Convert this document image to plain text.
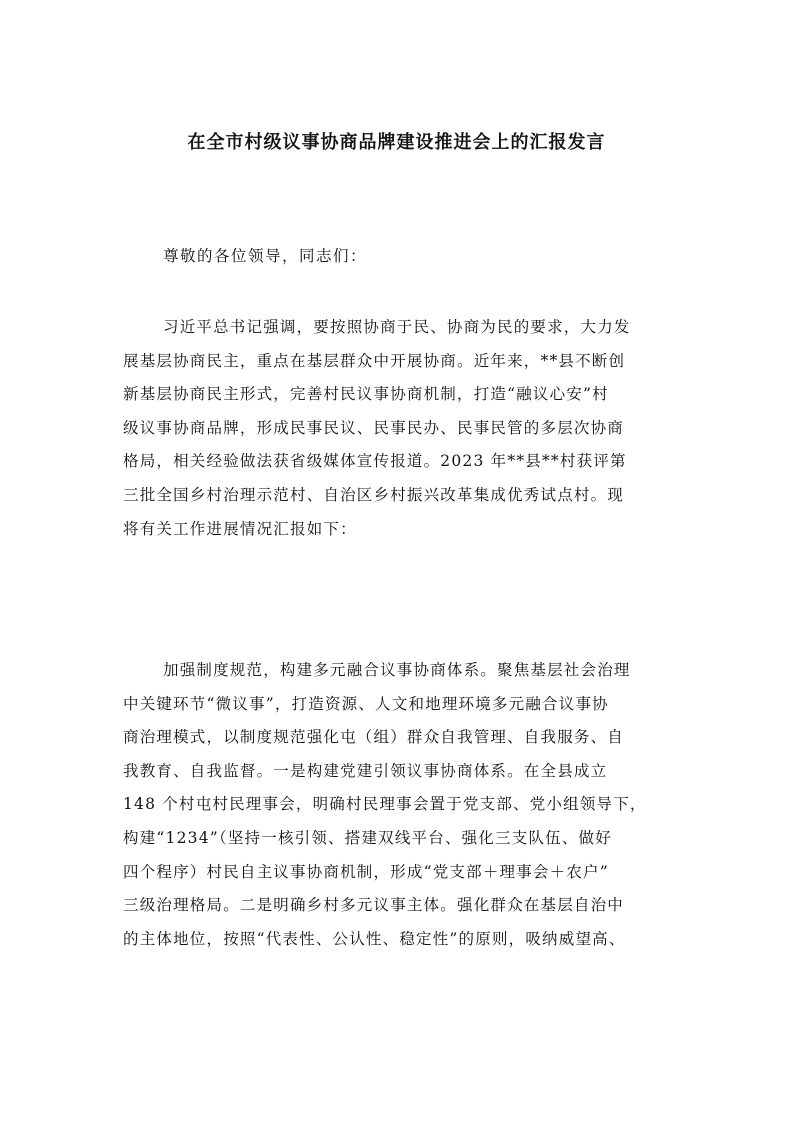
在全市村级议事协商品牌建设推进会上的汇报发言
尊敬的各位领导，同志们：
习近平总书记强调，要按照协商于民、协商为民的要求，大力发
展基层协商民主，重点在基层群众中开展协商。近年来，**县不断创
新基层协商民主形式，完善村民议事协商机制，打造“融议心安”村
级议事协商品牌，形成民事民议、民事民办、民事民管的多层次协商
格局，相关经验做法获省级媒体宣传报道。2023 年**县**村获评第
三批全国乡村治理示范村、自治区乡村振兴改革集成优秀试点村。现
将有关工作进展情况汇报如下：
加强制度规范，构建多元融合议事协商体系。聚焦基层社会治理
中关键环节“微议事”，打造资源、人文和地理环境多元融合议事协
商治理模式，以制度规范强化屯（组）群众自我管理、自我服务、自
我教育、自我监督。一是构建党建引领议事协商体系。在全县成立
148 个村屯村民理事会，明确村民理事会置于党支部、党小组领导下，
构建“1234”（坚持一核引领、搭建双线平台、强化三支队伍、做好
四个程序）村民自主议事协商机制，形成“党支部＋理事会＋农户”
三级治理格局。二是明确乡村多元议事主体。强化群众在基层自治中
的主体地位，按照“代表性、公认性、稳定性”的原则，吸纳威望高、
